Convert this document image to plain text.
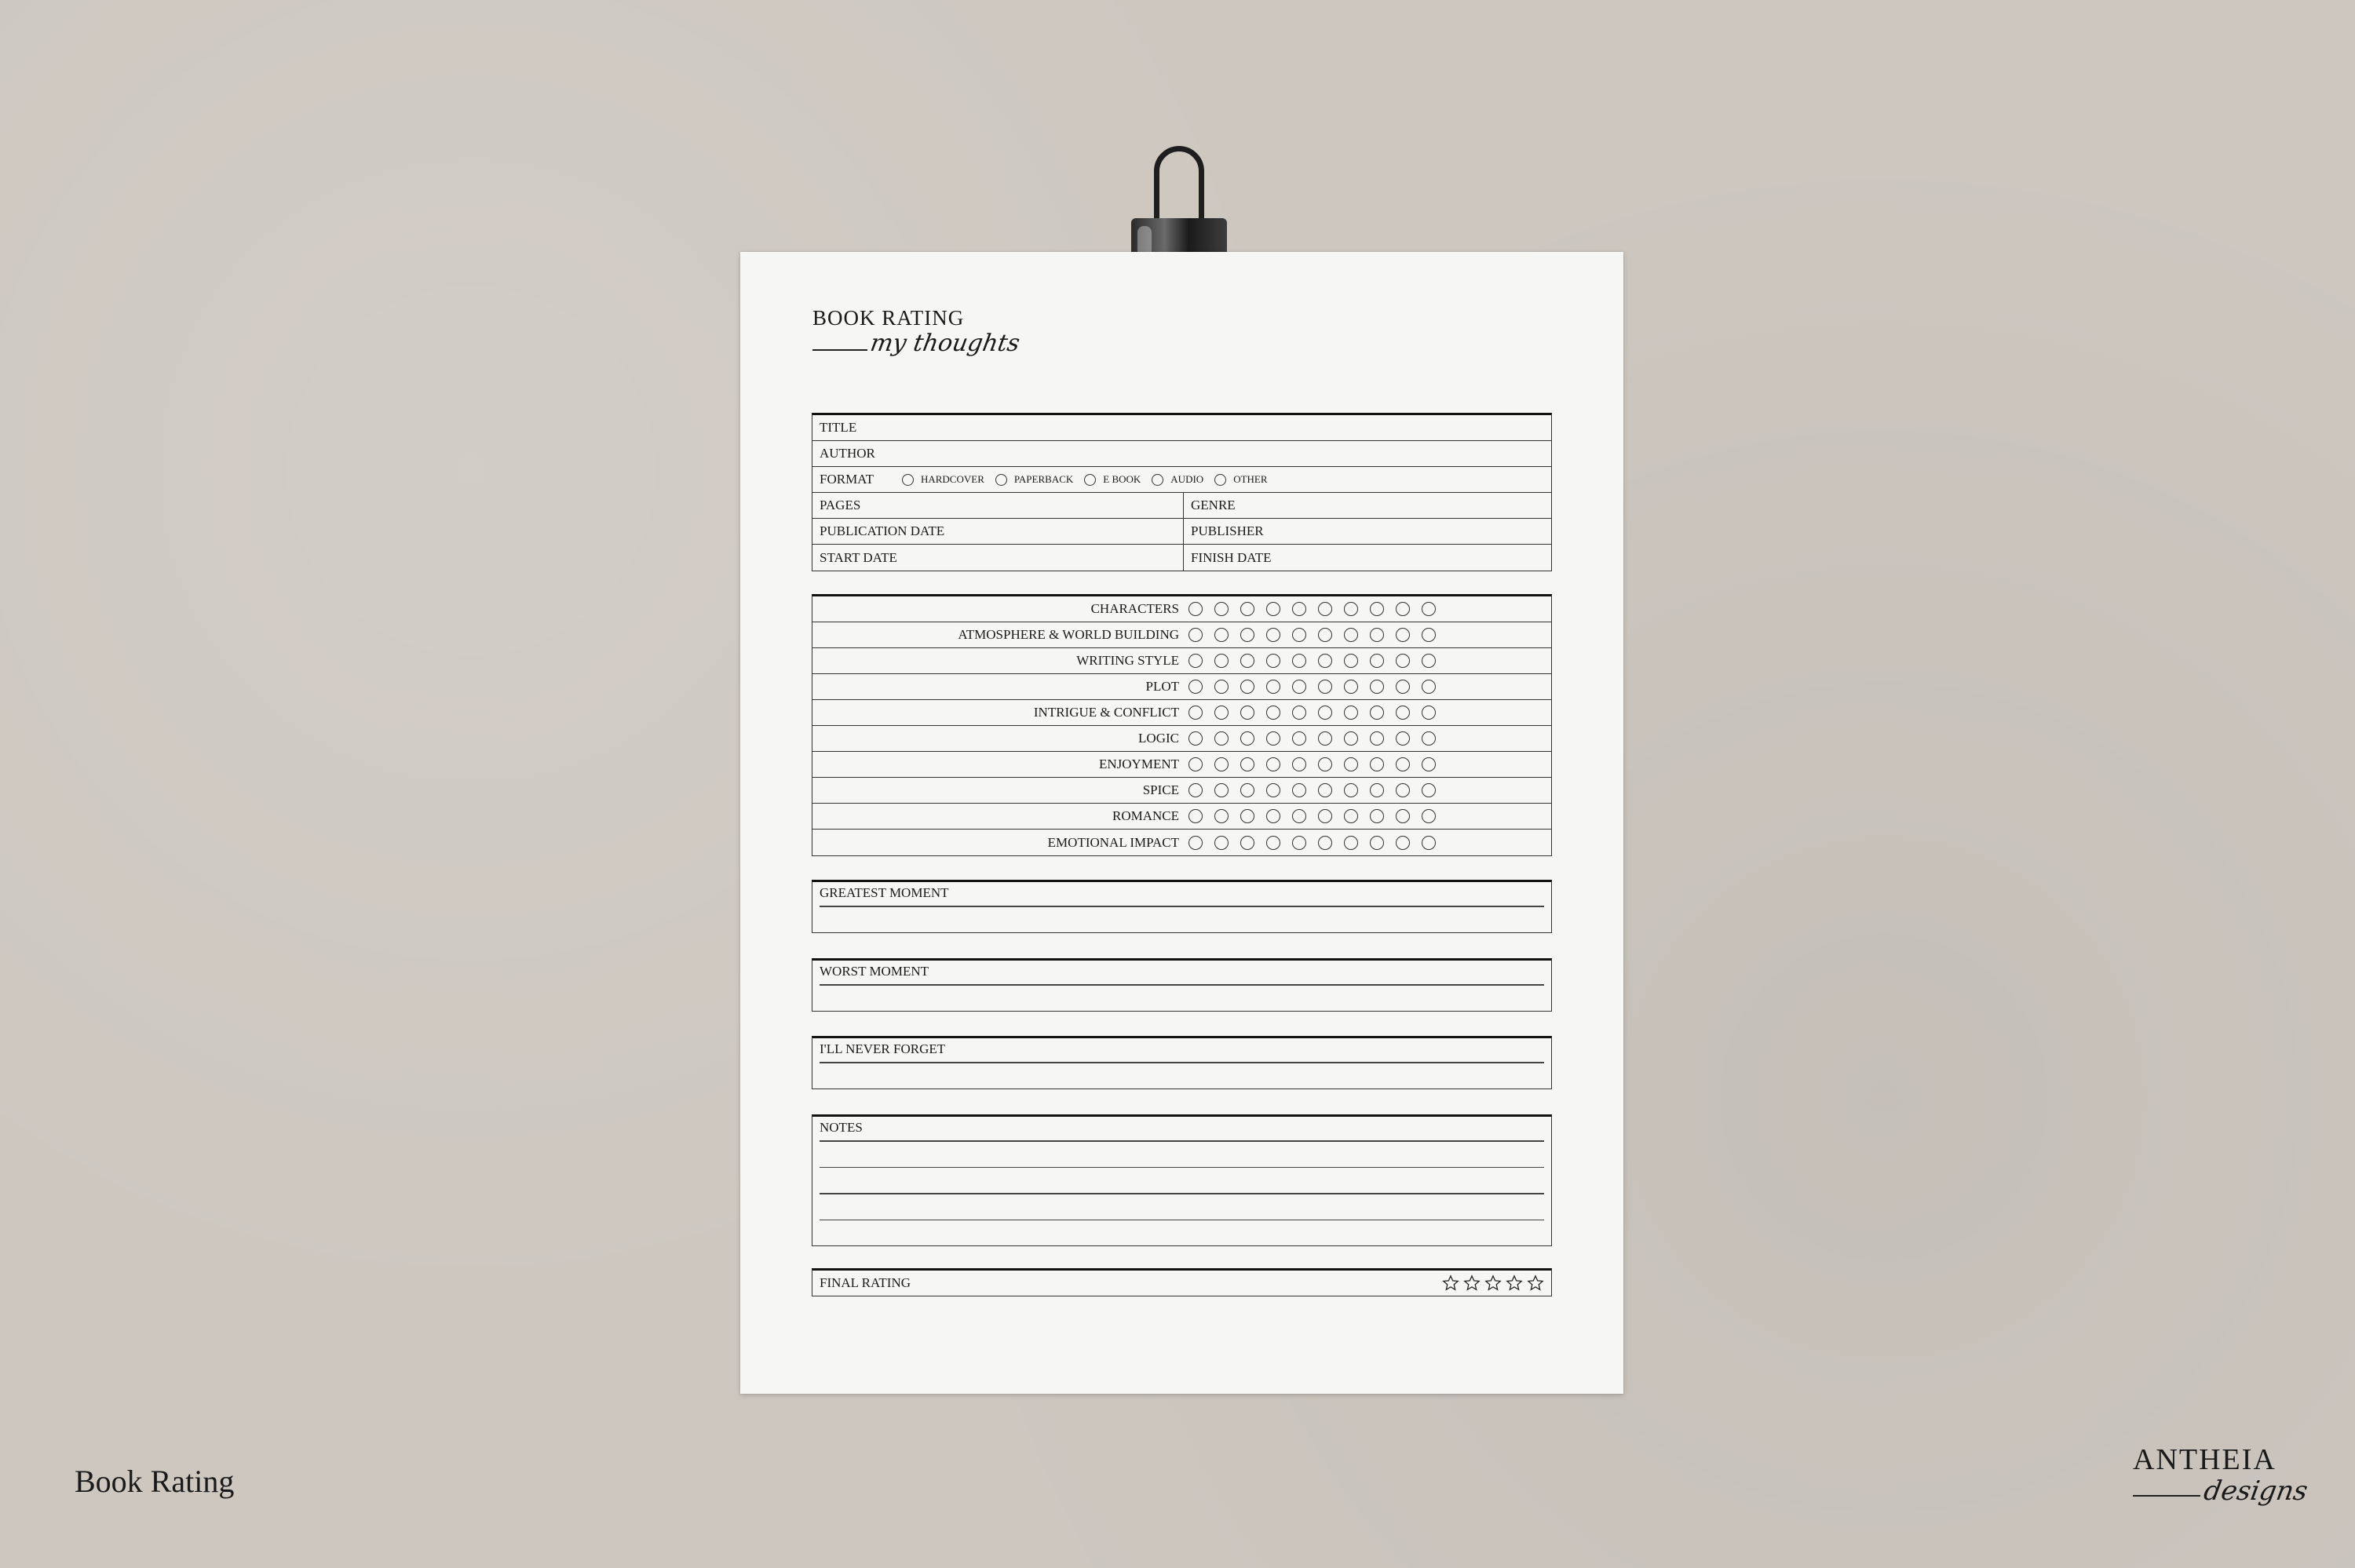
BOOK RATING
my thoughts
TITLE
AUTHOR
FORMAT	HARDCOVER	PAPERBACK	E BOOK	AUDIO	OTHER
PAGES	GENRE
PUBLICATION DATE	PUBLISHER
START DATE	FINISH DATE
CHARACTERS
ATMOSPHERE & WORLD BUILDING
WRITING STYLE
PLOT
INTRIGUE & CONFLICT
LOGIC
ENJOYMENT
SPICE
ROMANCE
EMOTIONAL IMPACT
GREATEST MOMENT
WORST MOMENT
I'LL NEVER FORGET
NOTES
FINAL RATING
Book Rating
ANTHEIA
designs
